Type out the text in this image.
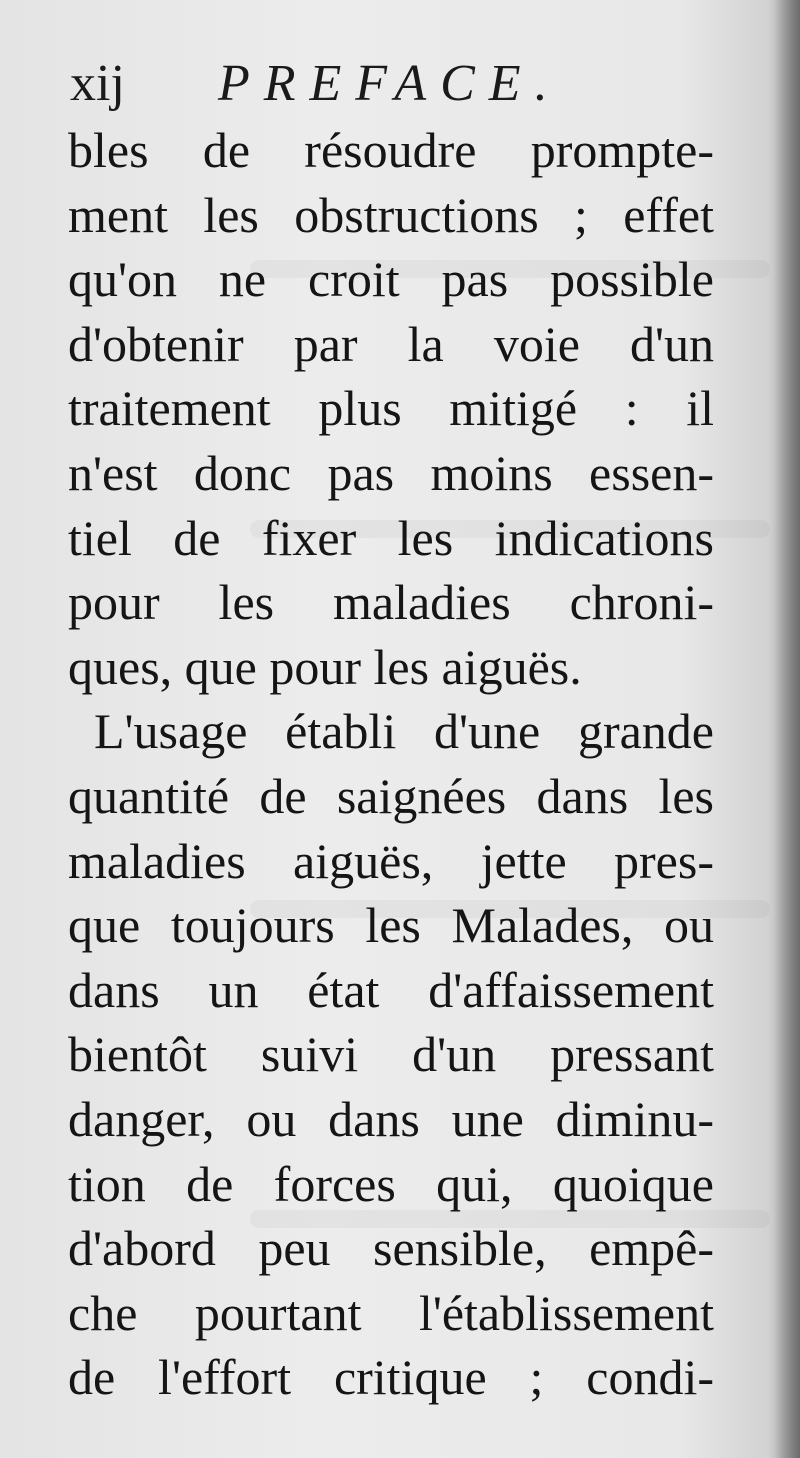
xij PREFACE.
bles de résoudre promptе-
ment les obstructions ; effet
qu'on ne croit pas possible
d'obtenir par la voie d'un
traitement plus mitigé : il
n'est donc pas moins essen-
tiel de fixer les indications
pour les maladies chroni-
ques, que pour les aiguës.
L'usage établi d'une grande
quantité de saignées dans les
maladies aiguës, jette pres-
que toujours les Malades, ou
dans un état d'affaissement
bientôt suivi d'un pressant
danger, ou dans une diminu-
tion de forces qui, quoique
d'abord peu sensible, empê-
che pourtant l'établissement
de l'effort critique ; condi-
